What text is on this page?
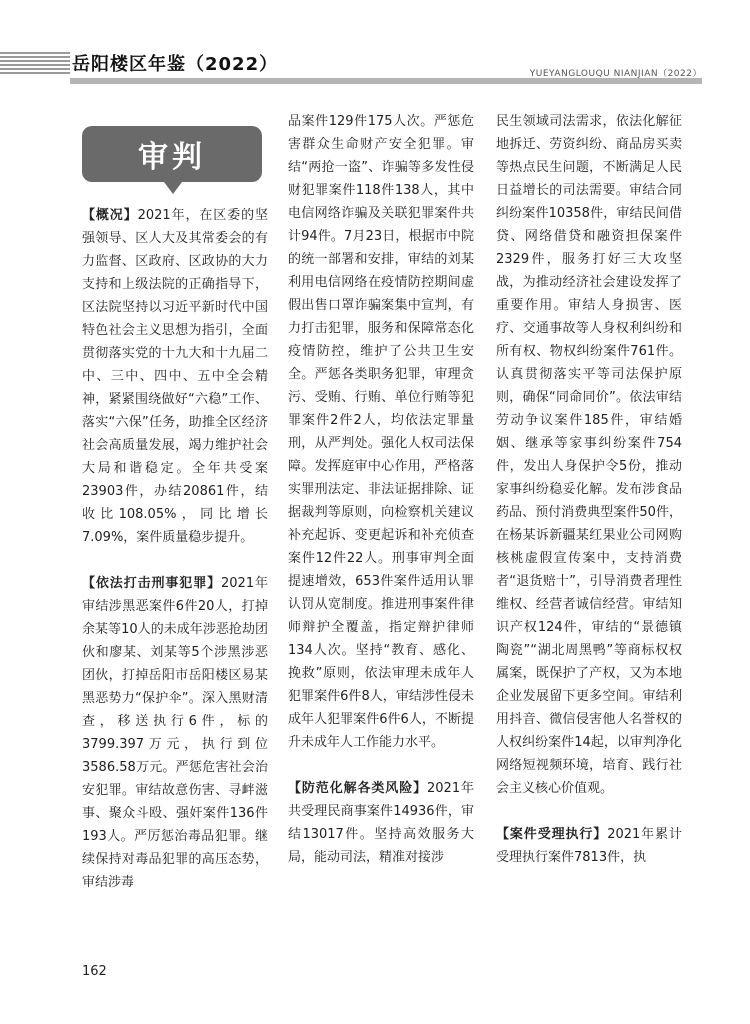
岳阳楼区年鉴（2022）	YUEYANGLOUQU NIANJIAN（2022）
审判

【概况】2021年，在区委的坚强领导、区人大及其常委会的有力监督、区政府、区政协的大力支持和上级法院的正确指导下，区法院坚持以习近平新时代中国特色社会主义思想为指引，全面贯彻落实党的十九大和十九届二中、三中、四中、五中全会精神，紧紧围绕做好“六稳”工作、落实“六保”任务，助推全区经济社会高质量发展，竭力维护社会大局和谐稳定。全年共受案23903件，办结20861件，结收比108.05%，同比增长7.09%，案件质量稳步提升。

【依法打击刑事犯罪】2021年审结涉黑恶案件6件20人，打掉余某等10人的未成年涉恶抢劫团伙和廖某、刘某等5个涉黑涉恶团伙，打掉岳阳市岳阳楼区易某黑恶势力“保护伞”。深入黑财清查，移送执行6件，标的3799.397万元，执行到位3586.58万元。严惩危害社会治安犯罪。审结故意伤害、寻衅滋事、聚众斗殴、强奸案件136件193人。严厉惩治毒品犯罪。继续保持对毒品犯罪的高压态势，审结涉毒

品案件129件175人次。严惩危害群众生命财产安全犯罪。审结“两抢一盗”、诈骗等多发性侵财犯罪案件118件138人，其中电信网络诈骗及关联犯罪案件共计94件。7月23日，根据市中院的统一部署和安排，审结的刘某利用电信网络在疫情防控期间虚假出售口罩诈骗案集中宣判，有力打击犯罪，服务和保障常态化疫情防控，维护了公共卫生安全。严惩各类职务犯罪，审理贪污、受贿、行贿、单位行贿等犯罪案件2件2人，均依法定罪量刑，从严判处。强化人权司法保障。发挥庭审中心作用，严格落实罪刑法定、非法证据排除、证据裁判等原则，向检察机关建议补充起诉、变更起诉和补充侦查案件12件22人。刑事审判全面提速增效，653件案件适用认罪认罚从宽制度。推进刑事案件律师辩护全覆盖，指定辩护律师134人次。坚持“教育、感化、挽救”原则，依法审理未成年人犯罪案件6件8人，审结涉性侵未成年人犯罪案件6件6人，不断提升未成年人工作能力水平。

【防范化解各类风险】2021年共受理民商事案件14936件，审结13017件。坚持高效服务大局，能动司法，精准对接涉

民生领域司法需求，依法化解征地拆迁、劳资纠纷、商品房买卖等热点民生问题，不断满足人民日益增长的司法需要。审结合同纠纷案件10358件，审结民间借贷、网络借贷和融资担保案件2329件，服务打好三大攻坚战，为推动经济社会建设发挥了重要作用。审结人身损害、医疗、交通事故等人身权利纠纷和所有权、物权纠纷案件761件。认真贯彻落实平等司法保护原则，确保“同命同价”。依法审结劳动争议案件185件，审结婚姻、继承等家事纠纷案件754件，发出人身保护令5份，推动家事纠纷稳妥化解。发布涉食品药品、预付消费典型案件50件，在杨某诉新疆某红果业公司网购核桃虚假宣传案中，支持消费者“退货赔十”，引导消费者理性维权、经营者诚信经营。审结知识产权124件，审结的“景德镇陶瓷”“湖北周黑鸭”等商标权权属案，既保护了产权，又为本地企业发展留下更多空间。审结利用抖音、微信侵害他人名誉权的人权纠纷案件14起，以审判净化网络短视频环境，培育、践行社会主义核心价值观。

【案件受理执行】2021年累计受理执行案件7813件，执

162
